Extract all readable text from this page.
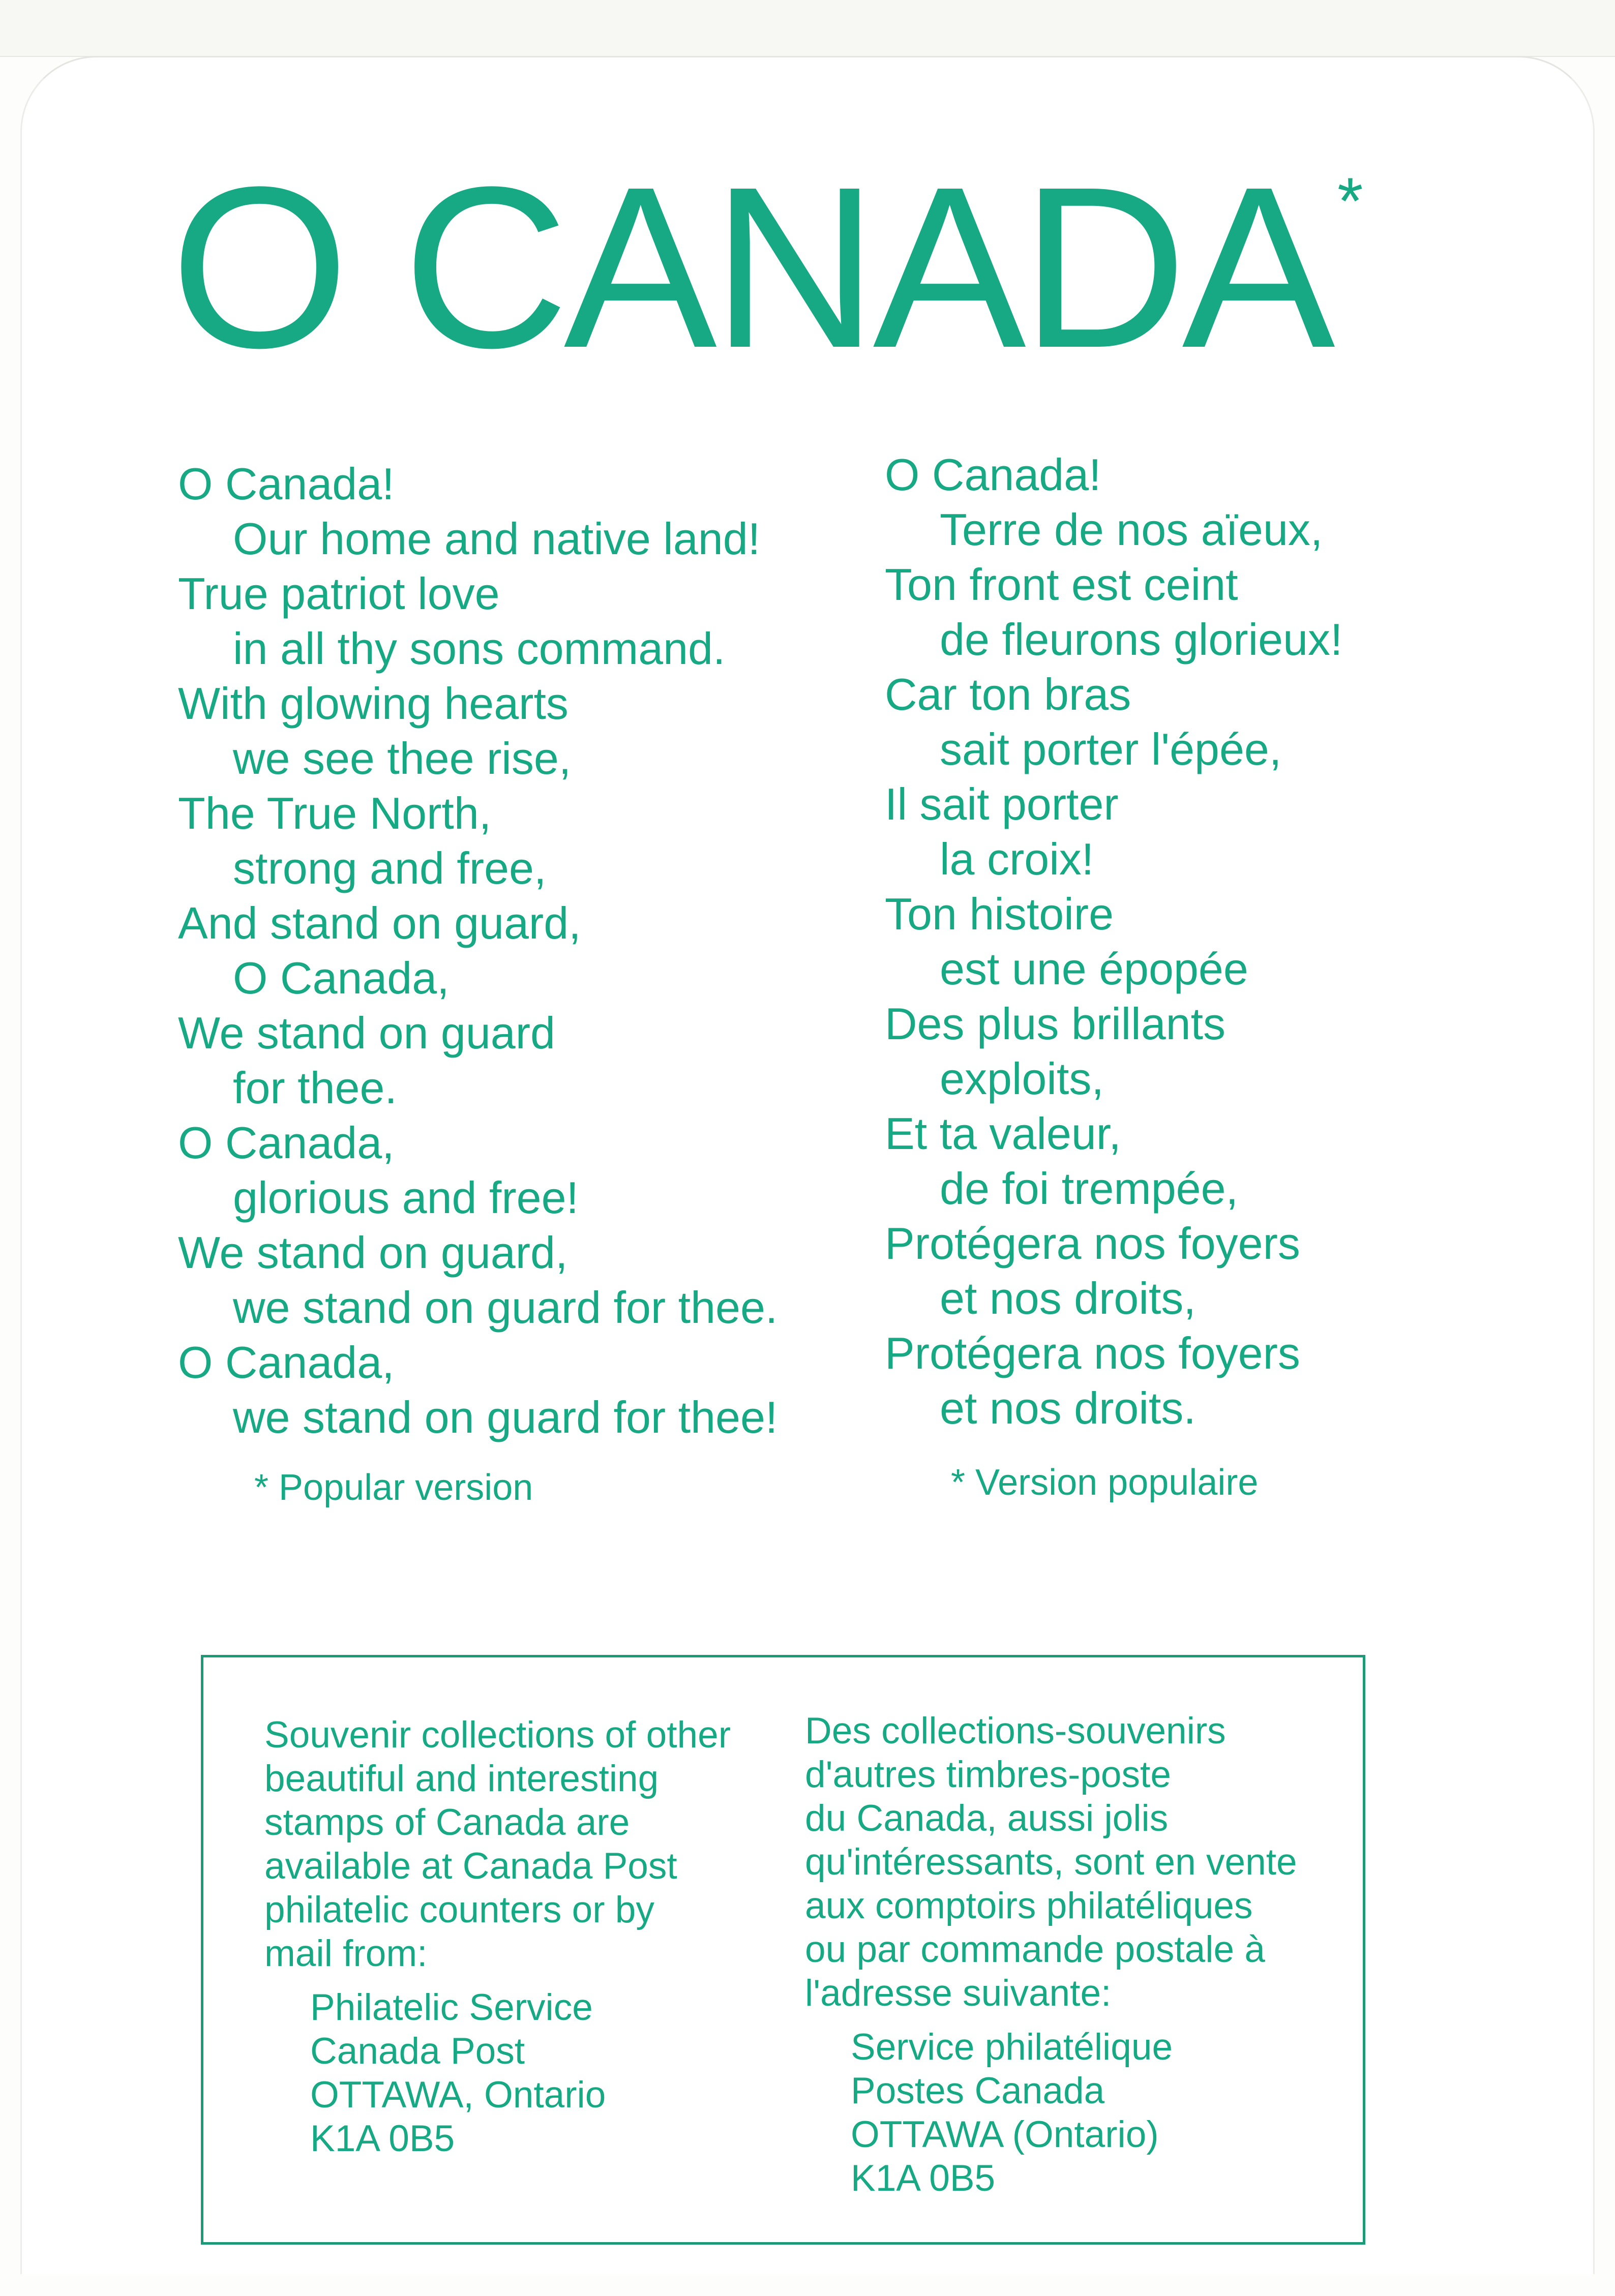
O CANADA *
O Canada!
Our home and native land!
True patriot love
in all thy sons command.
With glowing hearts
we see thee rise,
The True North,
strong and free,
And stand on guard,
O Canada,
We stand on guard
for thee.
O Canada,
glorious and free!
We stand on guard,
we stand on guard for thee.
O Canada,
we stand on guard for thee!
O Canada!
Terre de nos aïeux,
Ton front est ceint
de fleurons glorieux!
Car ton bras
sait porter l'épée,
Il sait porter
la croix!
Ton histoire
est une épopée
Des plus brillants
exploits,
Et ta valeur,
de foi trempée,
Protégera nos foyers
et nos droits,
Protégera nos foyers
et nos droits.
* Popular version	* Version populaire
Souvenir collections of other
beautiful and interesting
stamps of Canada are
available at Canada Post
philatelic counters or by
mail from:
Philatelic Service
Canada Post
OTTAWA, Ontario
K1A 0B5
Des collections-souvenirs
d'autres timbres-poste
du Canada, aussi jolis
qu'intéressants, sont en vente
aux comptoirs philatéliques
ou par commande postale à
l'adresse suivante:
Service philatélique
Postes Canada
OTTAWA (Ontario)
K1A 0B5
